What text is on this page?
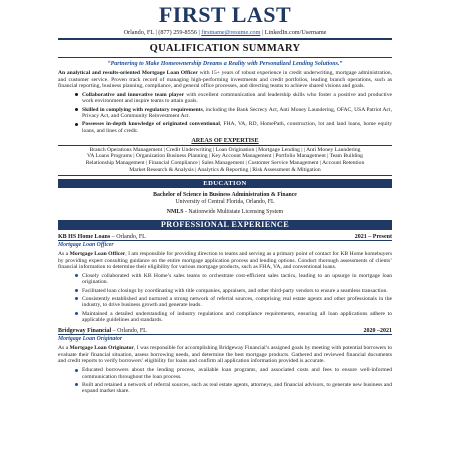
FIRST LAST
Orlando, FL | (877) 259-8556 | firstname@resume.com | LinkedIn.com/Username
QUALIFICATION SUMMARY
“Partnering to Make Homeownership Dreams a Reality with Personalized Lending Solutions.”
An analytical and results-oriented Mortgage Loan Officer with 15+ years of robust experience in credit underwriting, mortgage administration, and customer service. Proven track record of managing high-performing investments and credit portfolios, leading branch operations, such as financial reporting, business planning, compliance, and general office processes, and directing teams to achieve shared visions and goals.
Collaborative and innovative team player with excellent communication and leadership skills who foster a positive and productive work environment and inspire teams to attain goals.
Skilled in complying with regulatory requirements, including the Bank Secrecy Act, Anti Money Laundering, OFAC, USA Patriot Act, Privacy Act, and Community Reinvestment Act.
Possesses in-depth knowledge of originated conventional, FHA, VA, RD, HomePath, construction, lot and land loans, home equity loans, and lines of credit.
AREAS OF EXPERTISE
Branch Operations Management | Credit Underwriting | Loan Origination | Mortgage Lending | | Anti Money Laundering
VA Loans Programs | Organization Business Planning | Key Account Management | Portfolio Management | Team Building
Relationship Management | Financial Compliance | Sales Management | Customer Service Management | Account Retention
Market Research & Analysis | Analytics & Reporting | Risk Assessment & Mitigation
EDUCATION
Bachelor of Science in Business Administration & Finance
University of Central Florida, Orlando, FL
NMLS - Nationwide Multistate Licensing System
PROFESSIONAL EXPERIENCE
KB HS Home Loans – Orlando, FL	2021 – Present
Mortgage Loan Officer
As a Mortgage Loan Officer, I am responsible for providing direction to teams and serving as a primary point of contact for KB Home homebuyers by providing expert consulting guidance on the entire mortgage application process and lending options. Conduct thorough assessments of clients’ financial information to determine their eligibility for various mortgage products, such as FHA, VA, and conventional loans.
Closely collaborated with KB Home’s sales teams to orchestrate cost-efficient sales tactics, leading to an upsurge in mortgage loan origination.
Facilitated loan closings by coordinating with title companies, appraisers, and other third-party vendors to ensure a seamless transaction.
Consistently established and nurtured a strong network of referral sources, comprising real estate agents and other professionals in the industry, to drive business growth and generate leads.
Maintained a detailed understanding of industry regulations and compliance requirements, ensuring all loan applications adhere to applicable guidelines and standards.
Bridgeway Financial – Orlando, FL	2020 –2021
Mortgage Loan Originator
As a Mortgage Loan Originator, I was responsible for accomplishing Bridgeway Financial’s assigned goals by meeting with potential borrowers to evaluate their financial situation, assess borrowing needs, and determine the best mortgage products. Gathered and reviewed financial documents and credit reports to verify borrowers’ eligibility for loans and confirm all application information provided is accurate.
Educated borrowers about the lending process, available loan programs, and associated costs and fees to ensure well-informed communication throughout the loan process.
Built and retained a network of referral sources, such as real estate agents, attorneys, and financial advisors, to generate new business and expand market share.
